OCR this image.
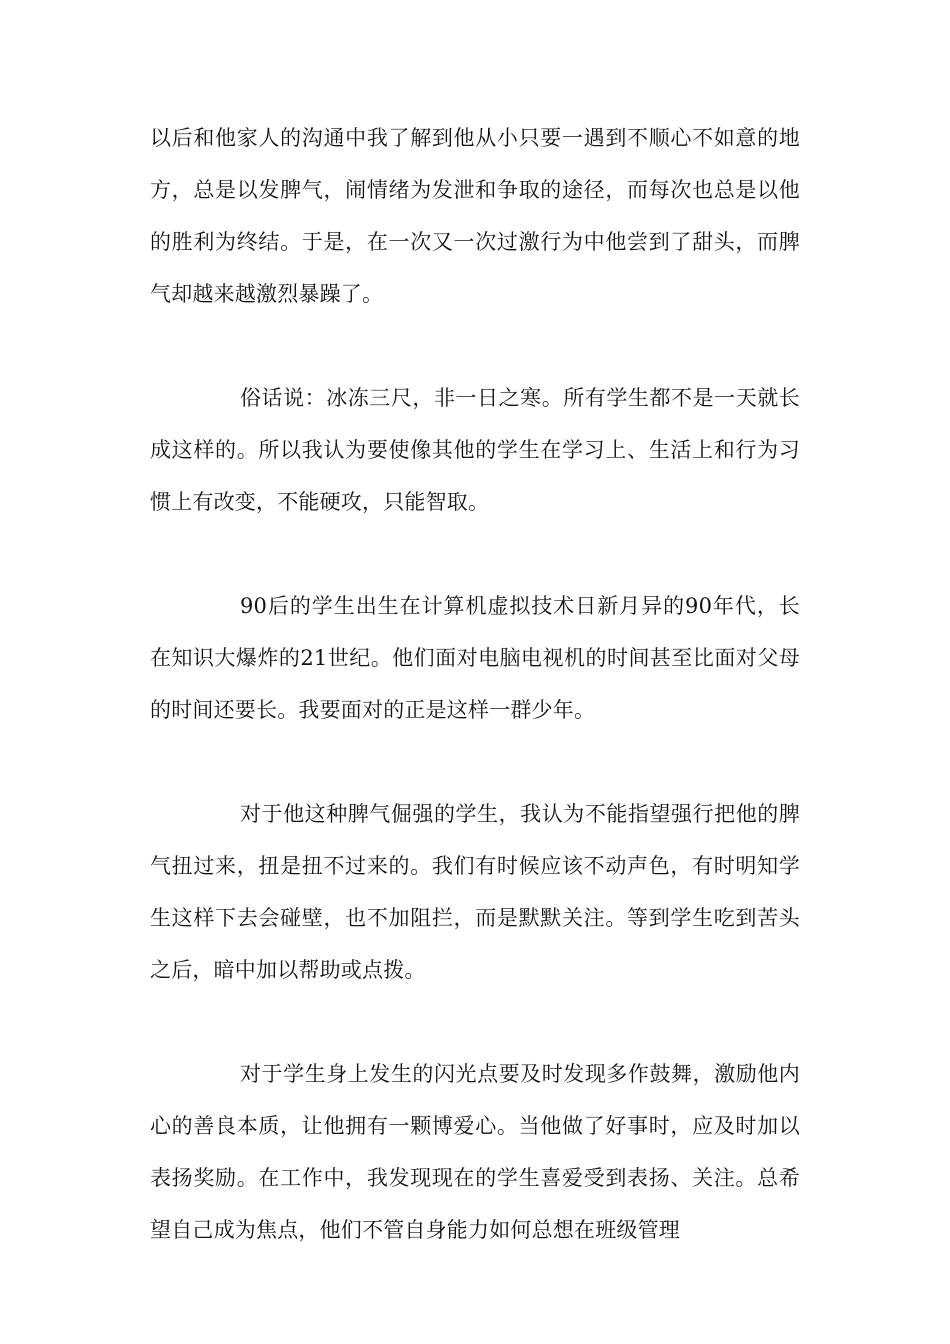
以后和他家人的沟通中我了解到他从小只要一遇到不顺心不如意的地方，总是以发脾气，闹情绪为发泄和争取的途径，而每次也总是以他的胜利为终结。于是，在一次又一次过激行为中他尝到了甜头，而脾气却越来越激烈暴躁了。

俗话说：冰冻三尺，非一日之寒。所有学生都不是一天就长成这样的。所以我认为要使像其他的学生在学习上、生活上和行为习惯上有改变，不能硬攻，只能智取。

90后的学生出生在计算机虚拟技术日新月异的90年代，长在知识大爆炸的21世纪。他们面对电脑电视机的时间甚至比面对父母的时间还要长。我要面对的正是这样一群少年。

对于他这种脾气倔强的学生，我认为不能指望强行把他的脾气扭过来，扭是扭不过来的。我们有时候应该不动声色，有时明知学生这样下去会碰壁，也不加阻拦，而是默默关注。等到学生吃到苦头之后，暗中加以帮助或点拨。

对于学生身上发生的闪光点要及时发现多作鼓舞，激励他内心的善良本质，让他拥有一颗博爱心。当他做了好事时，应及时加以表扬奖励。在工作中，我发现现在的学生喜爱受到表扬、关注。总希望自己成为焦点，他们不管自身能力如何总想在班级管理
